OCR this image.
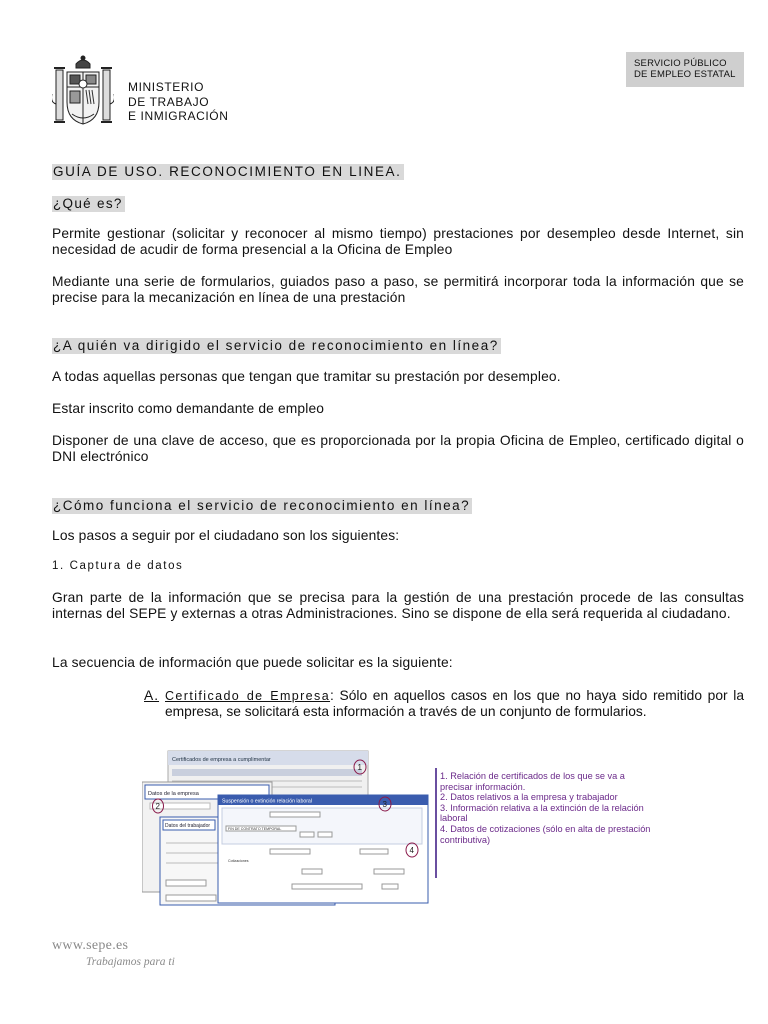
MINISTERIO
DE TRABAJO
E INMIGRACIÓN
SERVICIO PÚBLICO
DE EMPLEO ESTATAL
GUÍA DE USO. RECONOCIMIENTO EN LINEA.
¿Qué es?
Permite gestionar (solicitar y reconocer al mismo tiempo) prestaciones por desempleo desde Internet, sin necesidad de acudir de forma presencial a la Oficina de Empleo
Mediante una serie de formularios, guiados paso a paso, se permitirá incorporar toda la información que se precise para la mecanización en línea de una prestación
¿A quién va dirigido el servicio de reconocimiento en línea?
A todas aquellas personas que tengan que tramitar su prestación por desempleo.
Estar inscrito como demandante de empleo
Disponer de una clave de acceso, que es proporcionada por la propia Oficina de Empleo, certificado digital o DNI electrónico
¿Cómo funciona el servicio de reconocimiento en línea?
Los pasos a seguir por el ciudadano son los siguientes:
1. Captura de datos
Gran parte de la información que se precisa para la gestión de una prestación procede de las consultas internas del SEPE y externas a otras Administraciones. Sino se dispone de ella será requerida al ciudadano.
La secuencia de información que puede solicitar es la siguiente:
A. Certificado de Empresa: Sólo en aquellos casos en los que no haya sido remitido por la empresa, se solicitará esta información a través de un conjunto de formularios.
Certificados de empresa a cumplimentar
1
Datos de la empresa
2
Datos del trabajador
Suspensión o extinción relación laboral
FIN DE CONTRATO TEMPORAL
Cotizaciones
3
4
1. Relación de certificados de los que se va a precisar información.
2. Datos relativos a la empresa y trabajador
3. Información relativa a la extinción de la relación laboral
4. Datos de cotizaciones (sólo en alta de prestación contributiva)
www.sepe.es
Trabajamos para ti
